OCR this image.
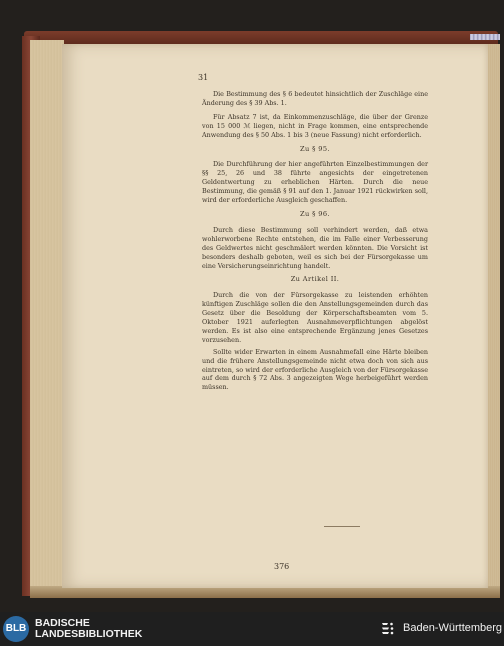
31

Die Bestimmung des § 6 bedeutet hinsichtlich der Zuschläge eine Änderung des § 39 Abs. 1.

Für Absatz 7 ist, da Einkommenzuschläge, die über der Grenze von 15 000 ℳ liegen, nicht in Frage kommen, eine entsprechende Anwendung des § 50 Abs. 1 bis 3 (neue Fassung) nicht erforderlich.

Zu § 95.

Die Durchführung der hier angeführten Einzelbestimmungen der §§ 25, 26 und 38 führte angesichts der eingetretenen Geldentwertung zu erheblichen Härten. Durch die neue Bestimmung, die gemäß § 91 auf den 1. Januar 1921 rückwirken soll, wird der erforderliche Ausgleich geschaffen.

Zu § 96.

Durch diese Bestimmung soll verhindert werden, daß etwa wohlerworbene Rechte entstehen, die im Falle einer Verbesserung des Geldwertes nicht geschmälert werden könnten. Die Vorsicht ist besonders deshalb geboten, weil es sich bei der Fürsorgekasse um eine Versicherungseinrichtung handelt.

Zu Artikel II.

Durch die von der Fürsorgekasse zu leistenden erhöhten künftigen Zuschläge sollen die den Anstellungsgemeinden durch das Gesetz über die Besoldung der Körperschaftsbeamten vom 5. Oktober 1921 auferlegten Ausnahmeverpflichtungen abgelöst werden. Es ist also eine entsprechende Ergänzung jenes Gesetzes vorzusehen.

Sollte wider Erwarten in einem Ausnahmefall eine Härte bleiben und die frühere Anstellungsgemeinde nicht etwa doch von sich aus eintreten, so wird der erforderliche Ausgleich von der Fürsorgekasse auf dem durch § 72 Abs. 3 angezeigten Wege herbeigeführt werden müssen.

376
BLB BADISCHE
LANDESBIBLIOTHEK	Baden-Württemberg
